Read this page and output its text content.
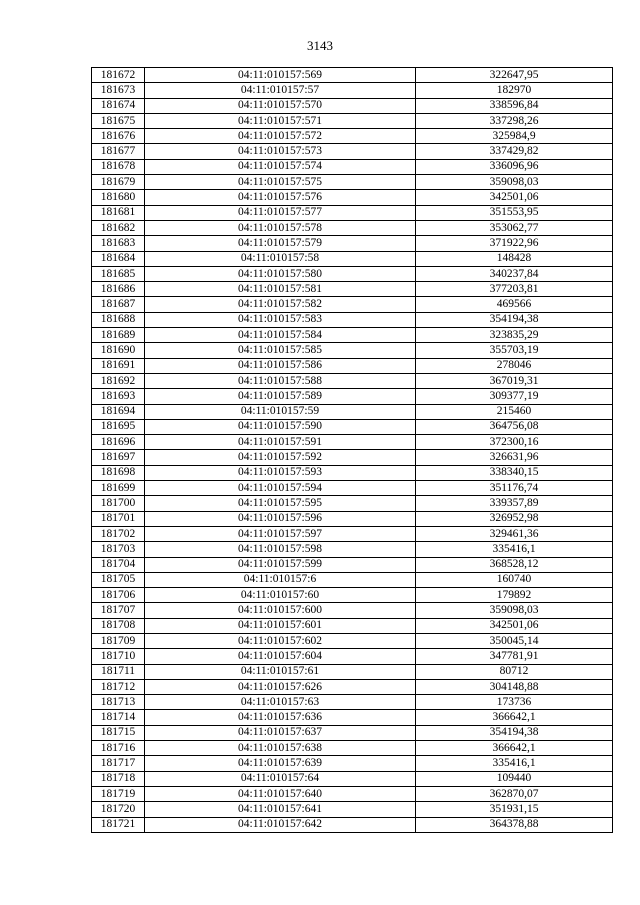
3143
181672	04:11:010157:569	322647,95
181673	04:11:010157:57	182970
181674	04:11:010157:570	338596,84
181675	04:11:010157:571	337298,26
181676	04:11:010157:572	325984,9
181677	04:11:010157:573	337429,82
181678	04:11:010157:574	336096,96
181679	04:11:010157:575	359098,03
181680	04:11:010157:576	342501,06
181681	04:11:010157:577	351553,95
181682	04:11:010157:578	353062,77
181683	04:11:010157:579	371922,96
181684	04:11:010157:58	148428
181685	04:11:010157:580	340237,84
181686	04:11:010157:581	377203,81
181687	04:11:010157:582	469566
181688	04:11:010157:583	354194,38
181689	04:11:010157:584	323835,29
181690	04:11:010157:585	355703,19
181691	04:11:010157:586	278046
181692	04:11:010157:588	367019,31
181693	04:11:010157:589	309377,19
181694	04:11:010157:59	215460
181695	04:11:010157:590	364756,08
181696	04:11:010157:591	372300,16
181697	04:11:010157:592	326631,96
181698	04:11:010157:593	338340,15
181699	04:11:010157:594	351176,74
181700	04:11:010157:595	339357,89
181701	04:11:010157:596	326952,98
181702	04:11:010157:597	329461,36
181703	04:11:010157:598	335416,1
181704	04:11:010157:599	368528,12
181705	04:11:010157:6	160740
181706	04:11:010157:60	179892
181707	04:11:010157:600	359098,03
181708	04:11:010157:601	342501,06
181709	04:11:010157:602	350045,14
181710	04:11:010157:604	347781,91
181711	04:11:010157:61	80712
181712	04:11:010157:626	304148,88
181713	04:11:010157:63	173736
181714	04:11:010157:636	366642,1
181715	04:11:010157:637	354194,38
181716	04:11:010157:638	366642,1
181717	04:11:010157:639	335416,1
181718	04:11:010157:64	109440
181719	04:11:010157:640	362870,07
181720	04:11:010157:641	351931,15
181721	04:11:010157:642	364378,88
